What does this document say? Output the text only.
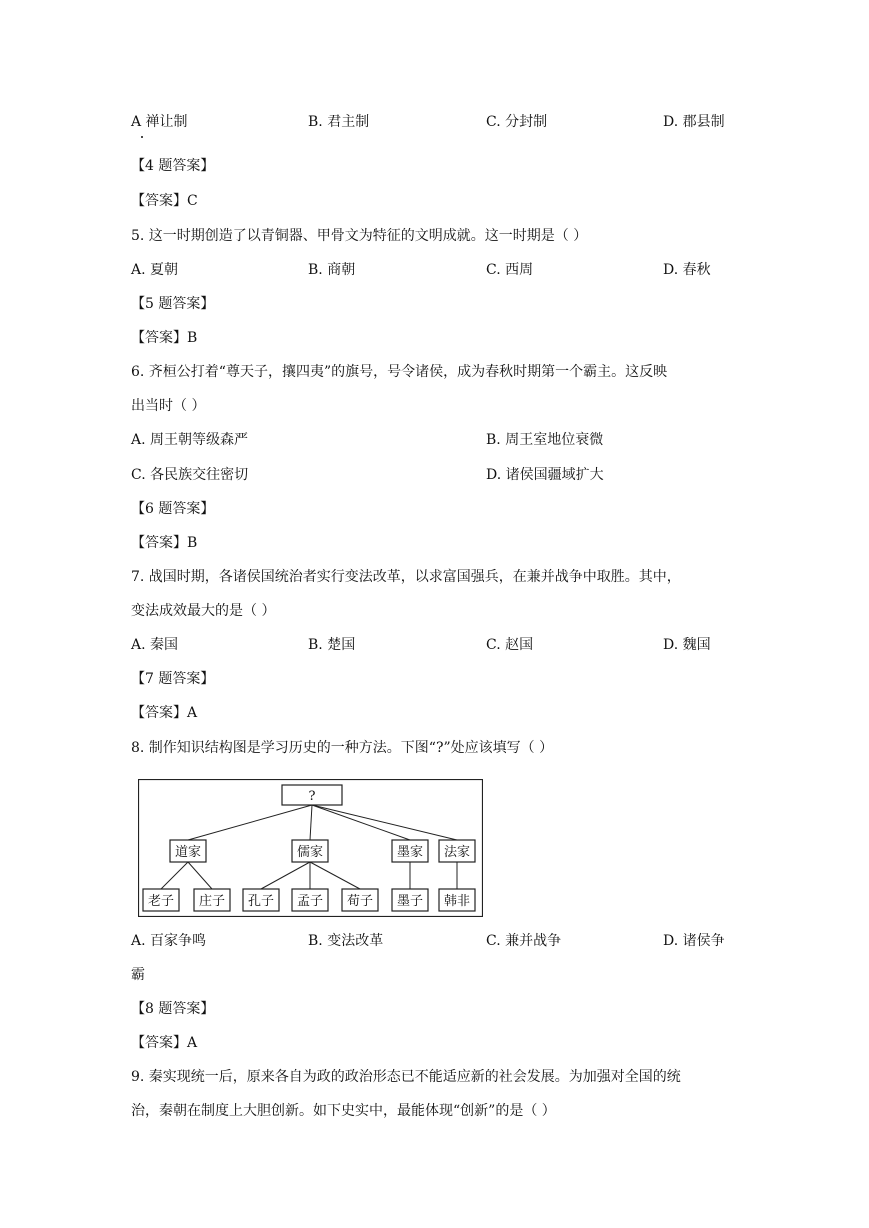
A 禅让制	B. 君主制	C. 分封制	D. 郡县制
【4 题答案】
【答案】C
5. 这一时期创造了以青铜器、甲骨文为特征的文明成就。这一时期是（ ）
A. 夏朝	B. 商朝	C. 西周	D. 春秋
【5 题答案】
【答案】B
6. 齐桓公打着“尊天子，攘四夷”的旗号，号令诸侯，成为春秋时期第一个霸主。这反映
出当时（ ）
A. 周王朝等级森严	B. 周王室地位衰微
C. 各民族交往密切	D. 诸侯国疆域扩大
【6 题答案】
【答案】B
7. 战国时期，各诸侯国统治者实行变法改革，以求富国强兵，在兼并战争中取胜。其中，
变法成效最大的是（ ）
A. 秦国	B. 楚国	C. 赵国	D. 魏国
【7 题答案】
【答案】A
8. 制作知识结构图是学习历史的一种方法。下图“?”处应该填写（ ）
?
道家	儒家	墨家 法家
老子 庄子 孔子 孟子 荀子 墨子 韩非
A. 百家争鸣	B. 变法改革	C. 兼并战争	D. 诸侯争
霸
【8 题答案】
【答案】A
9. 秦实现统一后，原来各自为政的政治形态已不能适应新的社会发展。为加强对全国的统
治，秦朝在制度上大胆创新。如下史实中，最能体现“创新”的是（ ）
